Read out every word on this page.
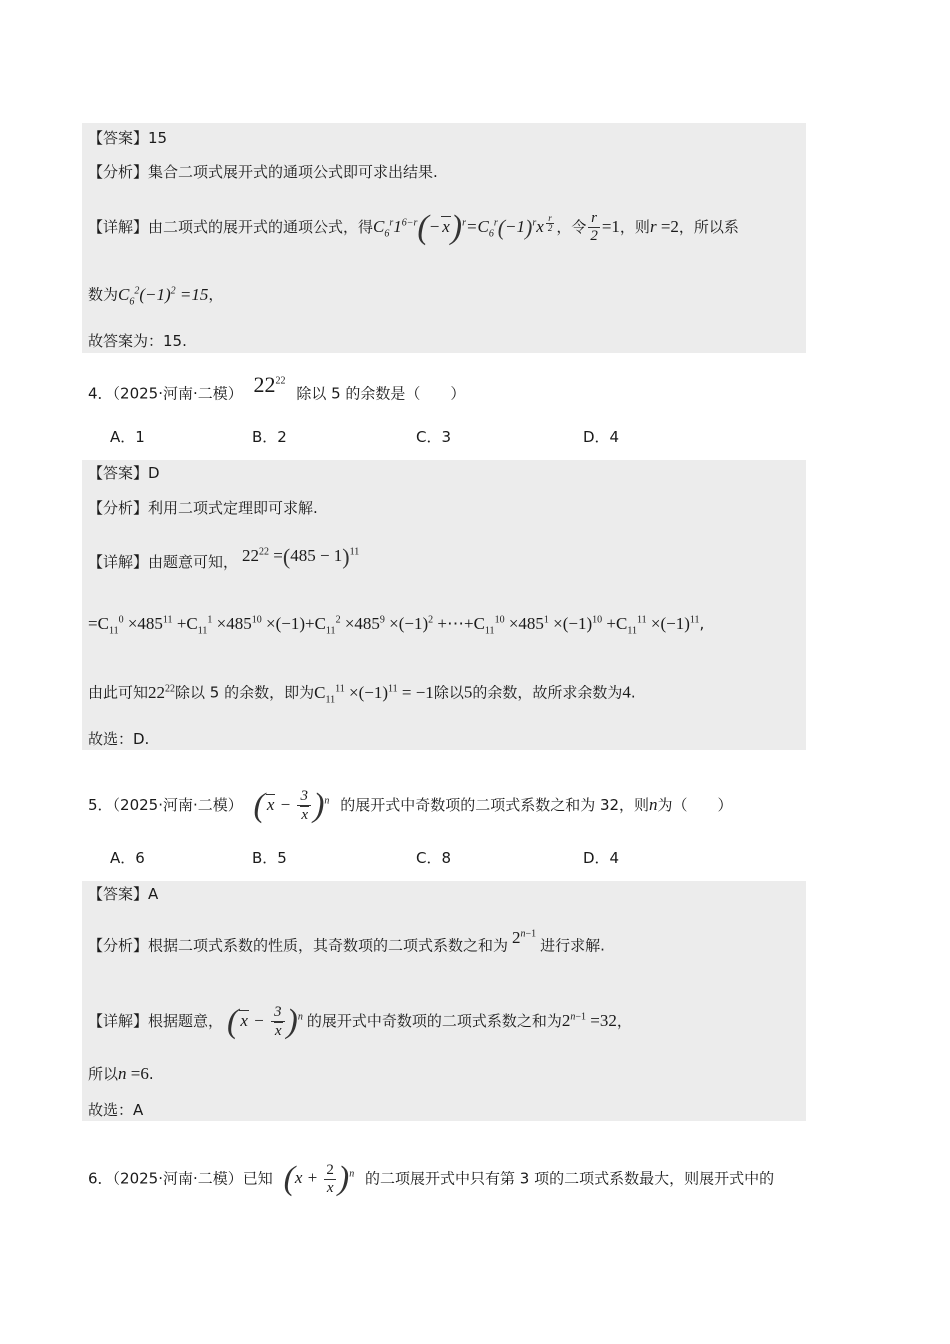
【答案】15
【分析】集合二项式展开式的通项公式即可求出结果.
【详解】由二项式的展开式的通项公式，得$C_6^r1^{6-r}(- x)^r=C_6^r(-1)^rx$ $^{\frac{r}{2}}$ ，令 $\frac{r}{2} =1$，则r =2，所以系
数为$C_6^2(-1)^2 =15$，
故答案为：15.
4．（2025·河南·二模） $22^{22}$ 除以 5 的余数是（　　）
A．1	B．2	C．3	D．4
【答案】D
【分析】利用二项式定理即可求解.
【详解】由题意可知， $22^{22} =(485 - 1)^{11}$
$=C_{11}^0 \times 485^{11} +C_{11}^1 \times 485^{10} \times(-1)+C_{11}^2 \times 485^9 \times(-1)^2$ $+\cdots+C_{11}^{10} \times 485^1 \times(-1)^{10} +C_{11}^{11} \times(-1)^{11}$,
由此可知$22^{22}$除以 5 的余数，即为$C_{11}^{11} \times(-1)^{11} = -1$除以5的余数，故所求余数为4.
故选：D.
5．（2025·河南·二模） ( $x - \frac{3}{x} )^n$ 的展开式中奇数项的二项式系数之和为 32，则n为（　　）
A．6	B．5	C．8	D．4
【答案】A
【分析】根据二项式系数的性质，其奇数项的二项式系数之和为 $2^{n-1}$进行求解.
【详解】根据题意， ( $x - \frac{3}{x} )^n$ 的展开式中奇数项的二项式系数之和为$2^{n-1} =32$，
所以n =6.
故选：A
6．（2025·河南·二模）已知 $(x + \frac{2}{x} )^n$ 的二项展开式中只有第 3 项的二项式系数最大，则展开式中的
